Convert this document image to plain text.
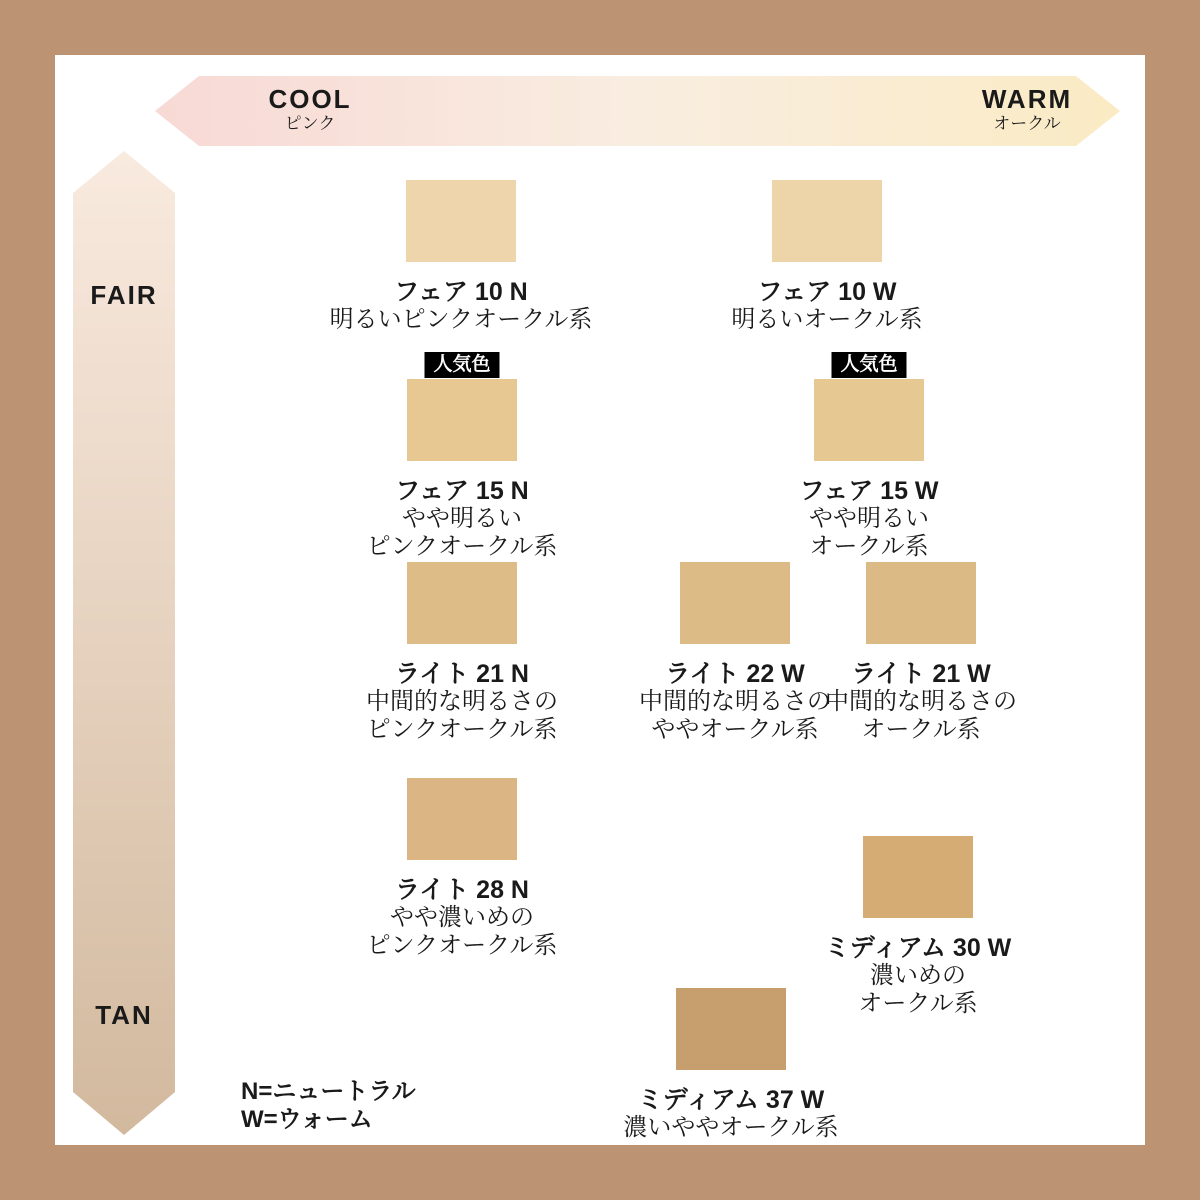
COOL
ピンク
WARM
オークル
FAIR
TAN
フェア 10 N
明るいピンクオークル系
フェア 10 W
明るいオークル系
人気色
フェア 15 N
やや明るい
ピンクオークル系
人気色
フェア 15 W
やや明るい
オークル系
ライト 21 N
中間的な明るさの
ピンクオークル系
ライト 22 W
中間的な明るさの
ややオークル系
ライト 21 W
中間的な明るさの
オークル系
ライト 28 N
やや濃いめの
ピンクオークル系	ミディアム 30 W
濃いめの
オークル系
ミディアム 37 W
濃いややオークル系
N=ニュートラル
W=ウォーム
